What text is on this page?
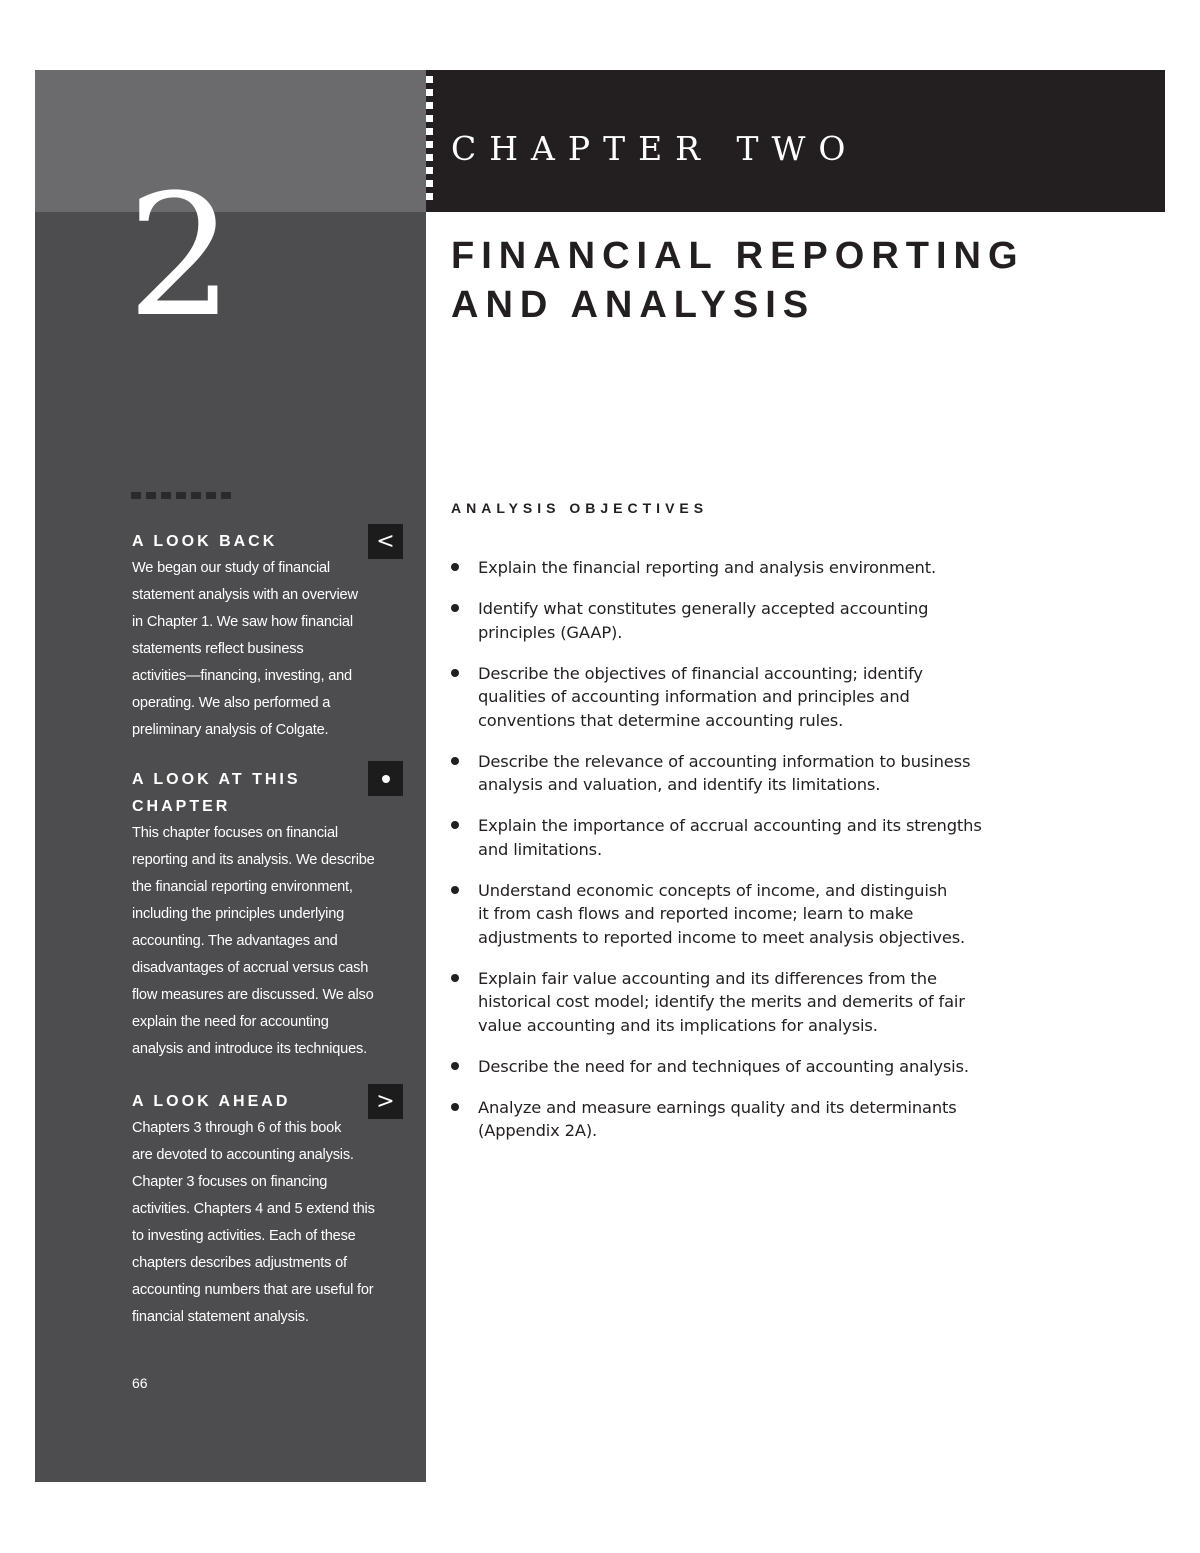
2
A LOOK BACK
We began our study of financial
statement analysis with an overview
in Chapter 1. We saw how financial
statements reflect business
activities—financing, investing, and
operating. We also performed a
preliminary analysis of Colgate.
<
A LOOK AT THIS
CHAPTER
This chapter focuses on financial
reporting and its analysis. We describe
the financial reporting environment,
including the principles underlying
accounting. The advantages and
disadvantages of accrual versus cash
flow measures are discussed. We also
explain the need for accounting
analysis and introduce its techniques.
A LOOK AHEAD
Chapters 3 through 6 of this book
are devoted to accounting analysis.
Chapter 3 focuses on financing
activities. Chapters 4 and 5 extend this
to investing activities. Each of these
chapters describes adjustments of
accounting numbers that are useful for
financial statement analysis.
>
66
CHAPTER TWO
FINANCIAL REPORTING
AND ANALYSIS
ANALYSIS OBJECTIVES
Explain the financial reporting and analysis environment.
Identify what constitutes generally accepted accounting
principles (GAAP).
Describe the objectives of financial accounting; identify
qualities of accounting information and principles and
conventions that determine accounting rules.
Describe the relevance of accounting information to business
analysis and valuation, and identify its limitations.
Explain the importance of accrual accounting and its strengths
and limitations.
Understand economic concepts of income, and distinguish
it from cash flows and reported income; learn to make
adjustments to reported income to meet analysis objectives.
Explain fair value accounting and its differences from the
historical cost model; identify the merits and demerits of fair
value accounting and its implications for analysis.
Describe the need for and techniques of accounting analysis.
Analyze and measure earnings quality and its determinants
(Appendix 2A).
